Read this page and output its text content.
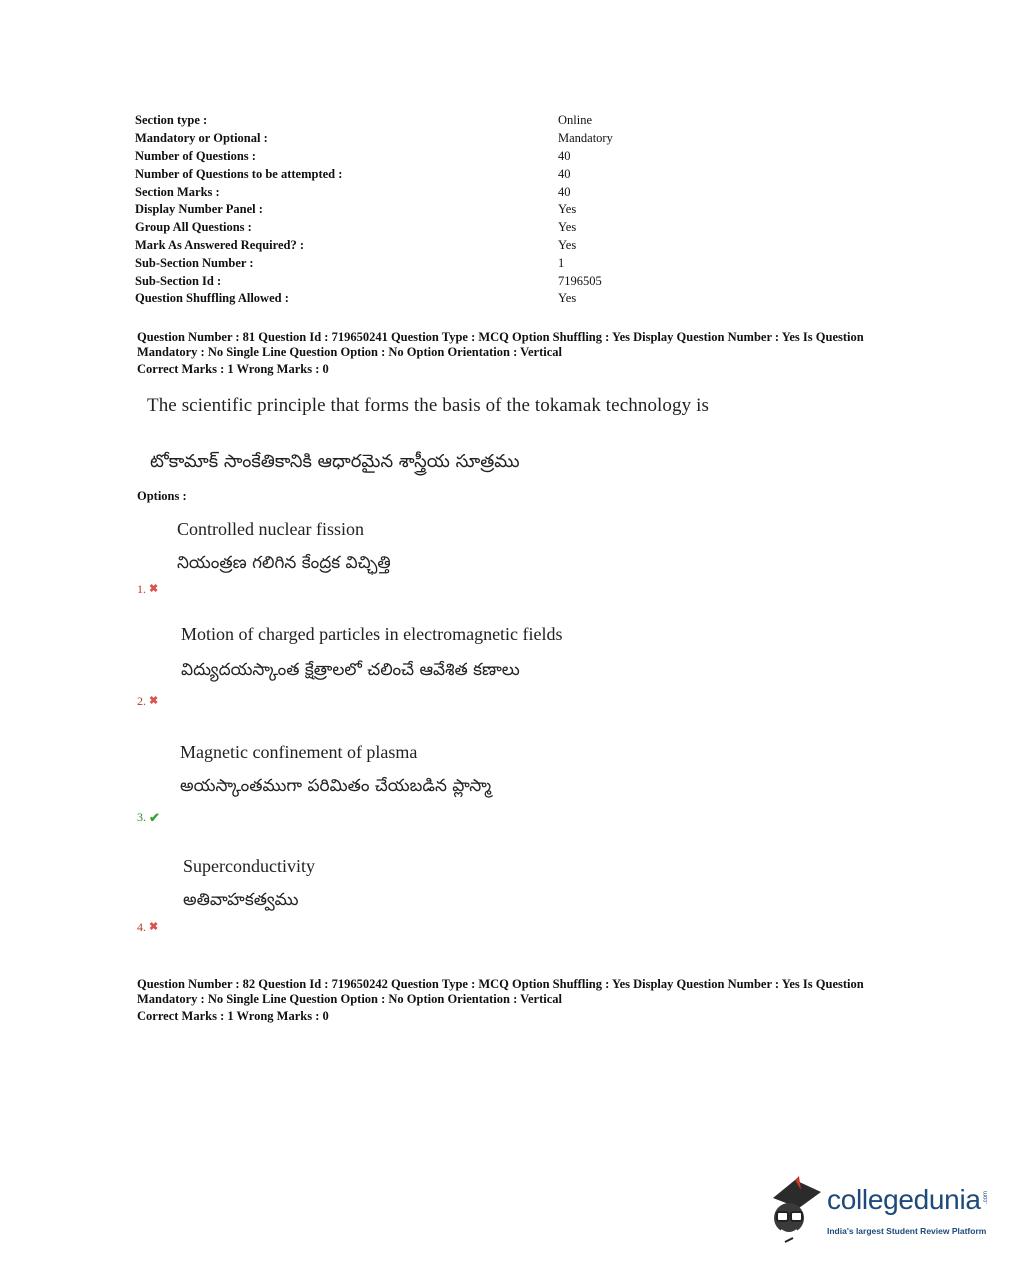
Section type :	Online
Mandatory or Optional :	Mandatory
Number of Questions :	40
Number of Questions to be attempted :	40
Section Marks :	40
Display Number Panel :	Yes
Group All Questions :	Yes
Mark As Answered Required? :	Yes
Sub-Section Number :	1
Sub-Section Id :	7196505
Question Shuffling Allowed :	Yes
Question Number : 81 Question Id : 719650241 Question Type : MCQ Option Shuffling : Yes Display Question Number : Yes Is Question
Mandatory : No Single Line Question Option : No Option Orientation : Vertical
Correct Marks : 1 Wrong Marks : 0
The scientific principle that forms the basis of the tokamak technology is
టోకామాక్ సాంకేతికానికి ఆధారమైన శాస్త్రీయ సూత్రము
Options :
Controlled nuclear fission
నియంత్రణ గలిగిన కేంద్రక విచ్ఛిత్తి
1. ✖
Motion of charged particles in electromagnetic fields
విద్యుదయస్కాంత క్షేత్రాలలో చలించే ఆవేశిత కణాలు
2. ✖
Magnetic confinement of plasma
అయస్కాంతముగా పరిమితం చేయబడిన ప్లాస్మా
3. ✔
Superconductivity
అతివాహకత్వము
4. ✖
Question Number : 82 Question Id : 719650242 Question Type : MCQ Option Shuffling : Yes Display Question Number : Yes Is Question
Mandatory : No Single Line Question Option : No Option Orientation : Vertical
Correct Marks : 1 Wrong Marks : 0
collegedunia .com
India's largest Student Review Platform
